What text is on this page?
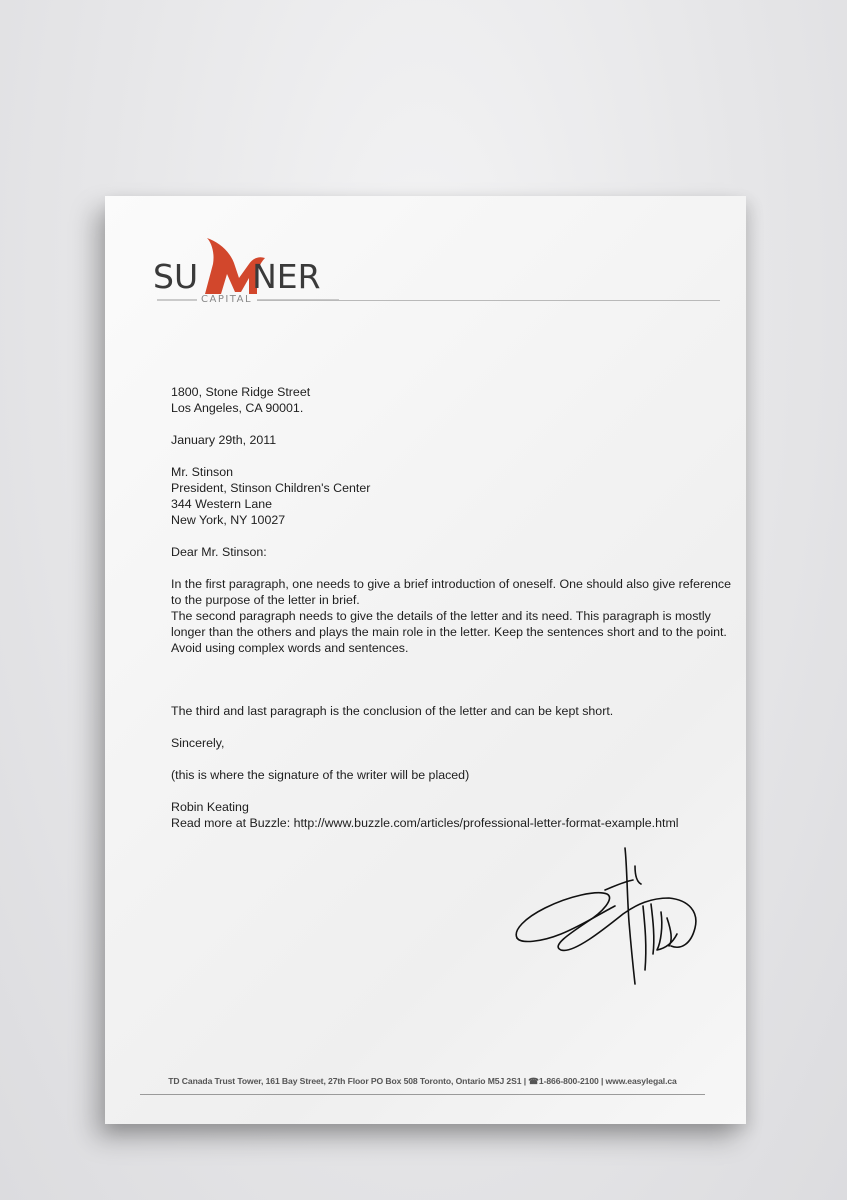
SU NER
CAPITAL

1800, Stone Ridge Street
Los Angeles, CA 90001.

January 29th, 2011

Mr. Stinson
President, Stinson Children's Center
344 Western Lane
New York, NY 10027

Dear Mr. Stinson:

In the first paragraph, one needs to give a brief introduction of oneself. One should also give reference
to the purpose of the letter in brief.

The second paragraph needs to give the details of the letter and its need. This paragraph is mostly
longer than the others and plays the main role in the letter. Keep the sentences short and to the point.
Avoid using complex words and sentences.

The third and last paragraph is the conclusion of the letter and can be kept short.

Sincerely,

(this is where the signature of the writer will be placed)

Robin Keating

Read more at Buzzle: http://www.buzzle.com/articles/professional-letter-format-example.html

TD Canada Trust Tower, 161 Bay Street, 27th Floor PO Box 508 Toronto, Ontario M5J 2S1 | ☎1-866-800-2100 | www.easylegal.ca
